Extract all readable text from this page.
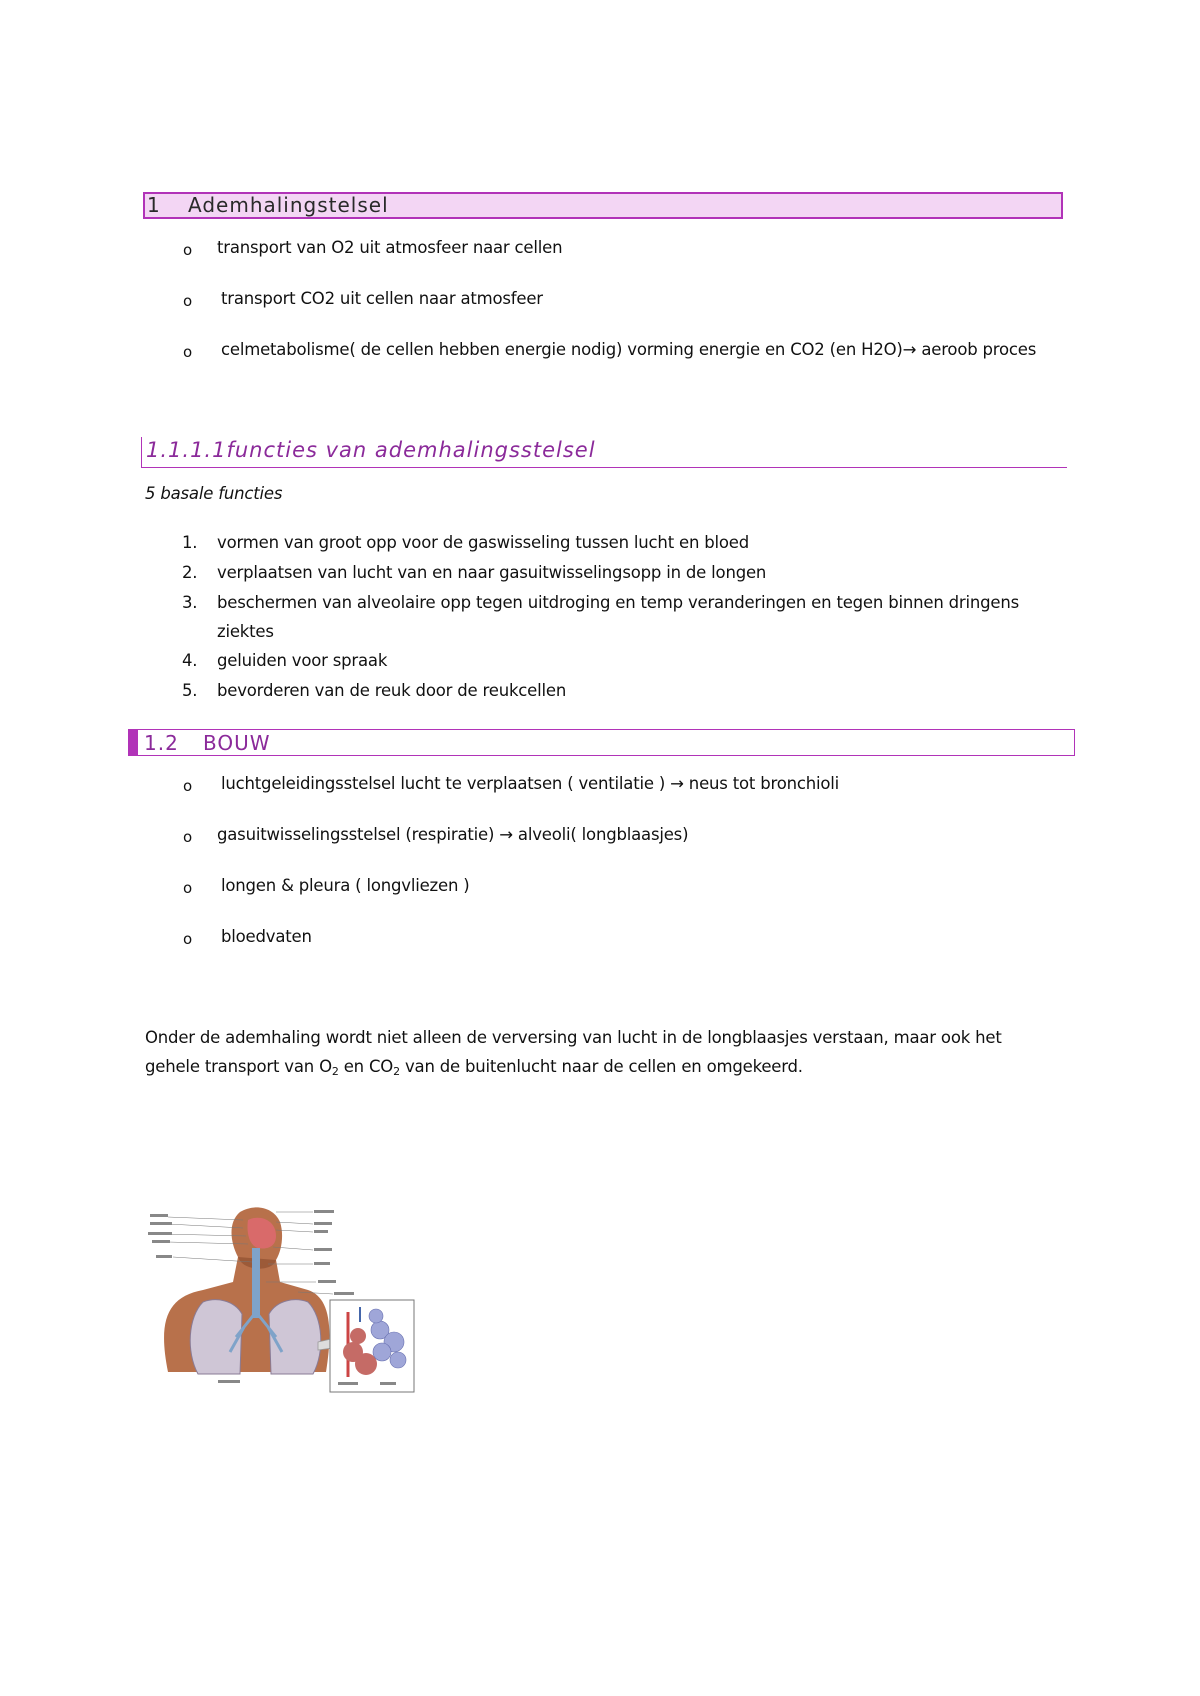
1 Ademhalingstelsel
o transport van O2 uit atmosfeer naar cellen
o transport CO2 uit cellen naar atmosfeer
o celmetabolisme( de cellen hebben energie nodig) vorming energie en CO2 (en H2O)→ aeroob proces
1.1.1.1functies van ademhalingsstelsel
5 basale functies
1. vormen van groot opp voor de gaswisseling tussen lucht en bloed
2. verplaatsen van lucht van en naar gasuitwisselingsopp in de longen
3. beschermen van alveolaire opp tegen uitdroging en temp veranderingen en tegen binnen dringens
ziektes
4. geluiden voor spraak
5. bevorderen van de reuk door de reukcellen
1.2 BOUW
o luchtgeleidingsstelsel lucht te verplaatsen ( ventilatie ) → neus tot bronchioli
o gasuitwisselingsstelsel (respiratie) → alveoli( longblaasjes)
o longen & pleura ( longvliezen )
o bloedvaten
Onder de ademhaling wordt niet alleen de verversing van lucht in de longblaasjes verstaan, maar ook het
gehele transport van $O_2$ en $CO_2$ van de buitenlucht naar de cellen en omgekeerd.
